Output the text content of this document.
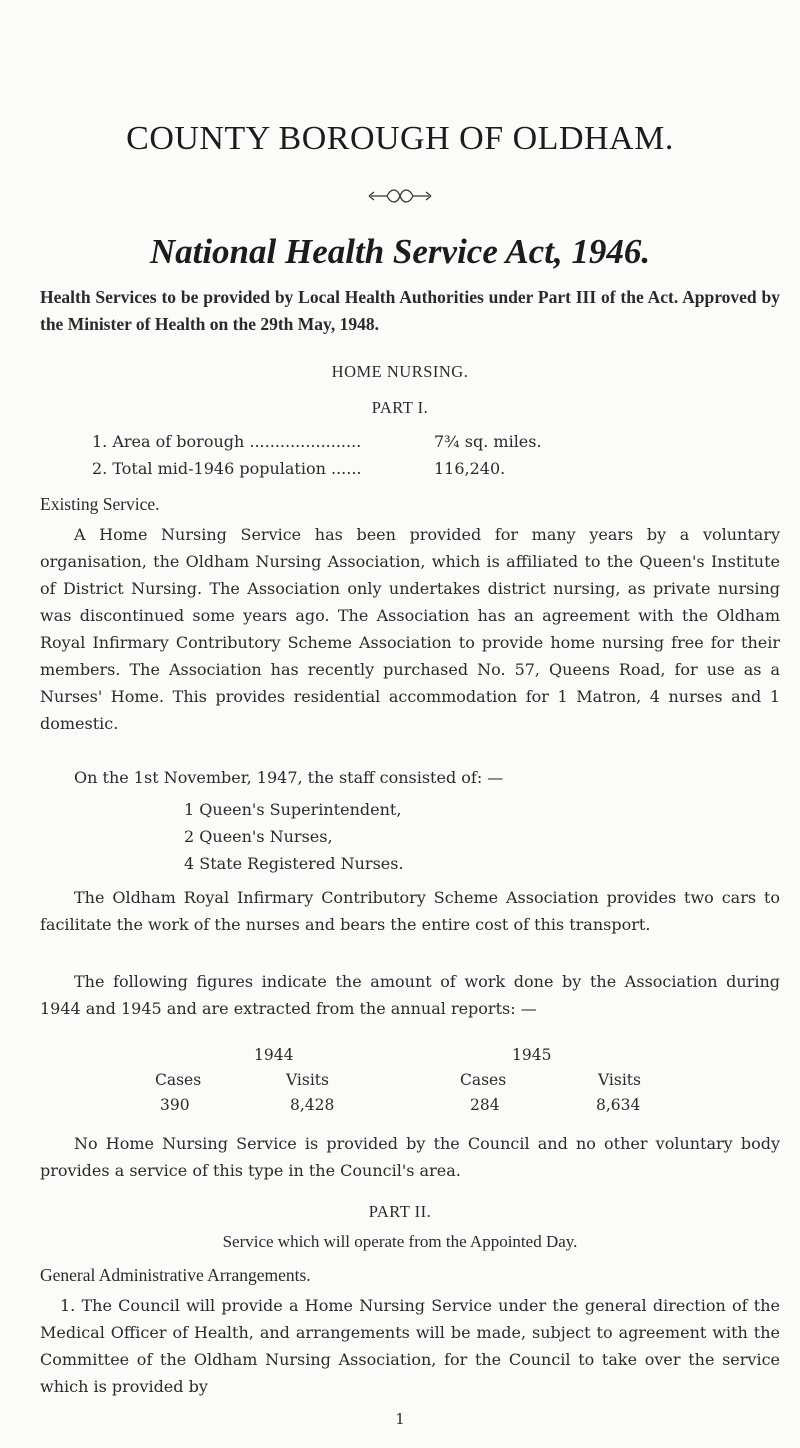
COUNTY BOROUGH OF OLDHAM.
National Health Service Act, 1946.
Health Services to be provided by Local Health Authorities under Part III of the Act. Approved by the Minister of Health on the 29th May, 1948.
HOME NURSING.
PART I.
1. Area of borough ......................	7¾ sq. miles.
2. Total mid-1946 population ......	116,240.
Existing Service.
A Home Nursing Service has been provided for many years by a voluntary organisation, the Oldham Nursing Association, which is affiliated to the Queen's Institute of District Nursing. The Association only undertakes district nursing, as private nursing was discontinued some years ago. The Association has an agreement with the Oldham Royal Infirmary Contributory Scheme Association to provide home nursing free for their members. The Association has recently purchased No. 57, Queens Road, for use as a Nurses' Home. This provides residential accommodation for 1 Matron, 4 nurses and 1 domestic.
On the 1st November, 1947, the staff consisted of: —
1 Queen's Superintendent,
2 Queen's Nurses,
4 State Registered Nurses.
The Oldham Royal Infirmary Contributory Scheme Association provides two cars to facilitate the work of the nurses and bears the entire cost of this transport.
The following figures indicate the amount of work done by the Association during 1944 and 1945 and are extracted from the annual reports: —
1944	1945
Cases	Visits	Cases	Visits
390	8,428	284	8,634
No Home Nursing Service is provided by the Council and no other voluntary body provides a service of this type in the Council's area.
PART II.
Service which will operate from the Appointed Day.
General Administrative Arrangements.
1. The Council will provide a Home Nursing Service under the general direction of the Medical Officer of Health, and arrangements will be made, subject to agreement with the Committee of the Oldham Nursing Association, for the Council to take over the service which is provided by
1
